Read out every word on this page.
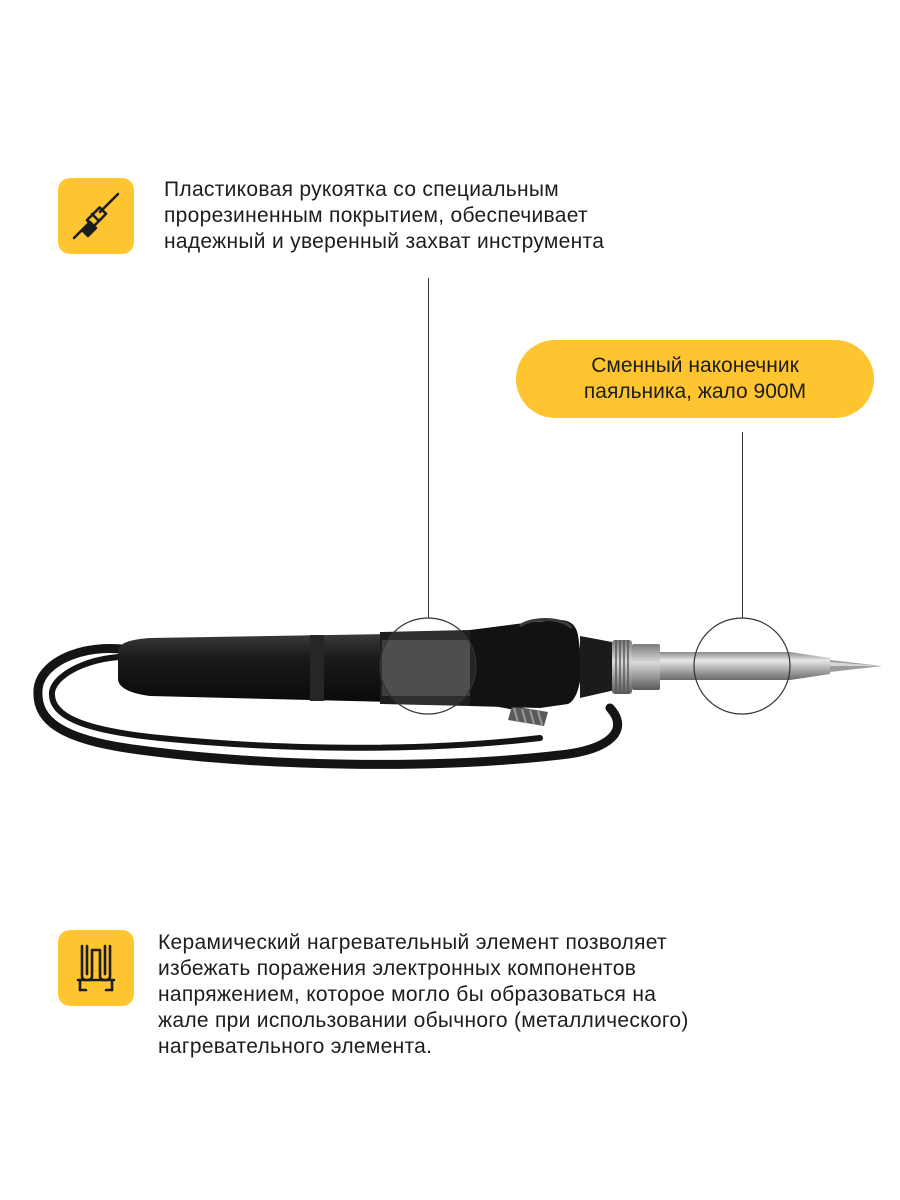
Пластиковая рукоятка со специальным
прорезиненным покрытием, обеспечивает
надежный и уверенный захват инструмента
Сменный наконечник
паяльника, жало 900M
Керамический нагревательный элемент позволяет
избежать поражения электронных компонентов
напряжением, которое могло бы образоваться на
жале при использовании обычного (металлического)
нагревательного элемента.
